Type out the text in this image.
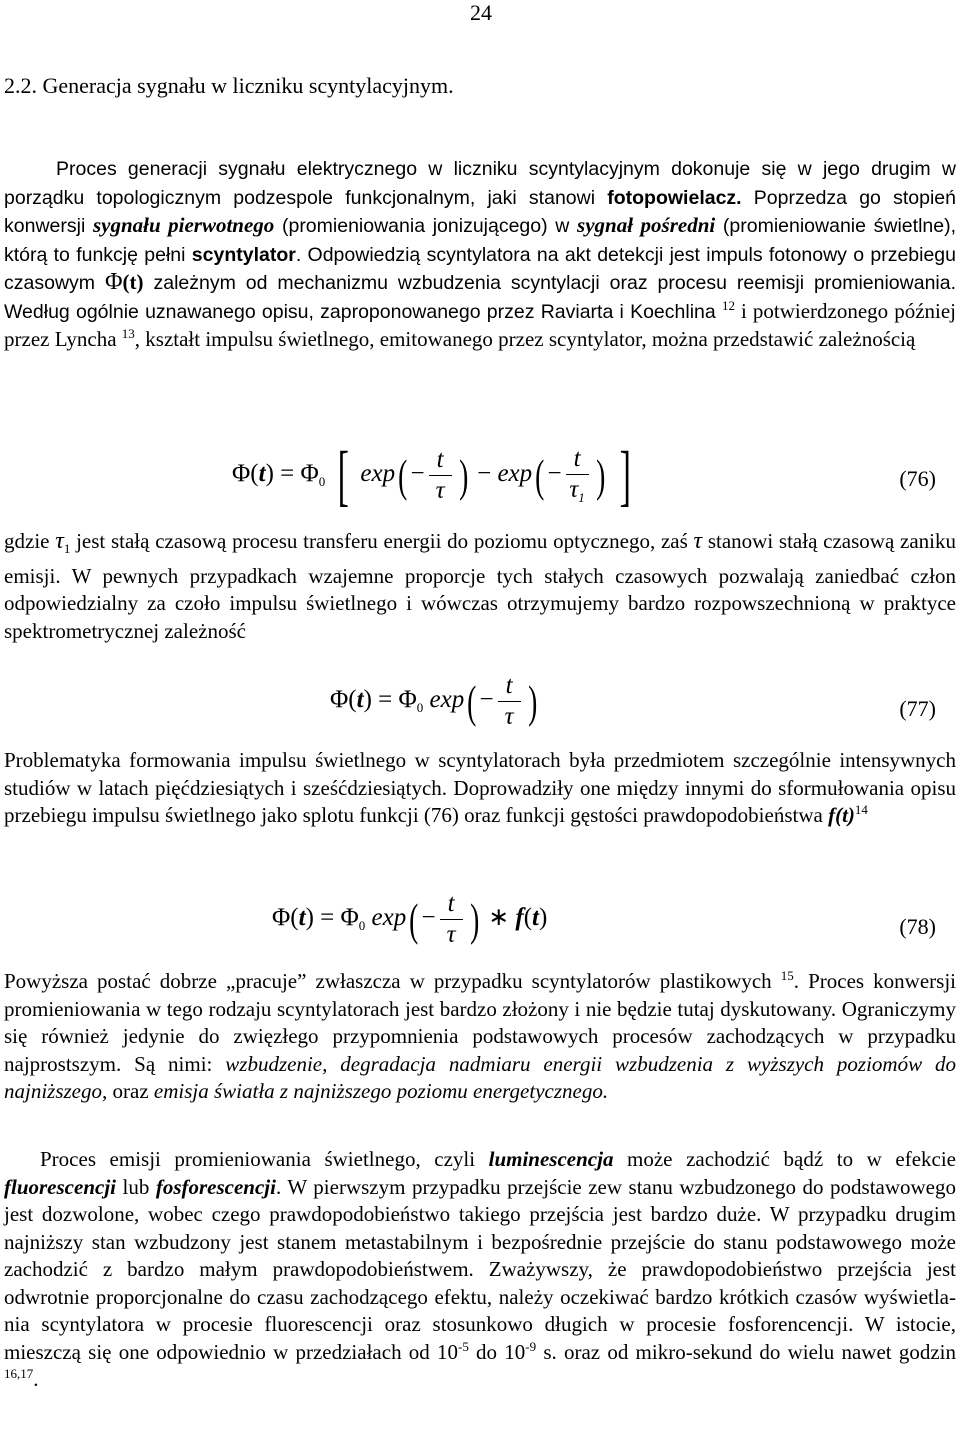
24
2.2. Generacja sygnału w liczniku scyntylacyjnym.
Proces generacji sygnału elektrycznego w liczniku scyntylacyjnym dokonuje się w jego drugim w porządku topologicznym podzespole funkcjonalnym, jaki stanowi fotopowielacz. Poprzedza go stopień konwersji sygnału pierwotnego (promieniowania jonizującego) w sygnał pośredni (promieniowanie świetlne), którą to funkcję pełni scyntylator. Odpowiedzią scyntylatora na akt detekcji jest impuls fotonowy o przebiegu czasowym Φ(t) zależnym od mechanizmu wzbudzenia scyntylacji oraz procesu reemisji promieniowania. Według ogólnie uznawanego opisu, zaproponowanego przez Raviarta i Koechlina $^{12}$ i potwierdzonego później przez Lyncha $^{13}$, kształt impulsu świetlnego, emitowanego przez scyntylator, można przedstawić zależnością
$\Phi(t) = \Phi_0$ [ $\exp( - \frac{t}{\tau}$ ) − $\exp( - \frac{t}{\tau_1}$ ) ]	(76)
gdzie $\tau_1$ jest stałą czasową procesu transferu energii do poziomu optycznego, zaś τ stanowi stałą czasową zaniku emisji. W pewnych przypadkach wzajemne proporcje tych stałych czasowych pozwalają zaniedbać człon odpowiedzialny za czoło impulsu świetlnego i wówczas otrzymujemy bardzo rozpowszechnioną w praktyce spektrometrycznej zależność
$\Phi(t) = \Phi_0$ $\exp( - \frac{t}{\tau}$ )	(77)
Problematyka formowania impulsu świetlnego w scyntylatorach była przedmiotem szczególnie intensywnych studiów w latach pięćdziesiątych i sześćdziesiątych. Doprowadziły one między innymi do sformułowania opisu przebiegu impulsu świetlnego jako splotu funkcji (76) oraz funkcji gęstości prawdopodobieństwa $f(t)^{14}$
$\Phi(t) = \Phi_0$ $\exp( - \frac{t}{\tau}$ ) ∗ f(t)	(78)
Powyższa postać dobrze „pracuje” zwłaszcza w przypadku scyntylatorów plastikowych $^{15}$. Proces konwersji promieniowania w tego rodzaju scyntylatorach jest bardzo złożony i nie będzie tutaj dyskutowany. Ograniczymy się również jedynie do zwięzłego przypomnienia podstawowych procesów zachodzących w przypadku najprostszym. Są nimi: wzbudzenie, degradacja nadmiaru energii wzbudzenia z wyższych poziomów do najniższego, oraz emisja światła z najniższego poziomu energetycznego.
Proces emisji promieniowania świetlnego, czyli luminescencja może zachodzić bądź to w efekcie fluorescencji lub fosforescencji. W pierwszym przypadku przejście zew stanu wzbudzonego do podstawowego jest dozwolone, wobec czego prawdopodobieństwo takiego przejścia jest bardzo duże. W przypadku drugim najniższy stan wzbudzony jest stanem metastabilnym i bezpośrednie przejście do stanu podstawowego może zachodzić z bardzo małym prawdopodobieństwem. Zważywszy, że prawdopodobieństwo przejścia jest odwrotnie proporcjonalne do czasu zachodzącego efektu, należy oczekiwać bardzo krótkich czasów wyświetla-nia scyntylatora w procesie fluorescencji oraz stosunkowo długich w procesie fosforencencji. W istocie, mieszczą się one odpowiednio w przedziałach od $10^{-5}$ do $10^{-9}$ s. oraz od mikro-sekund do wielu nawet godzin $^{16,17}$.
